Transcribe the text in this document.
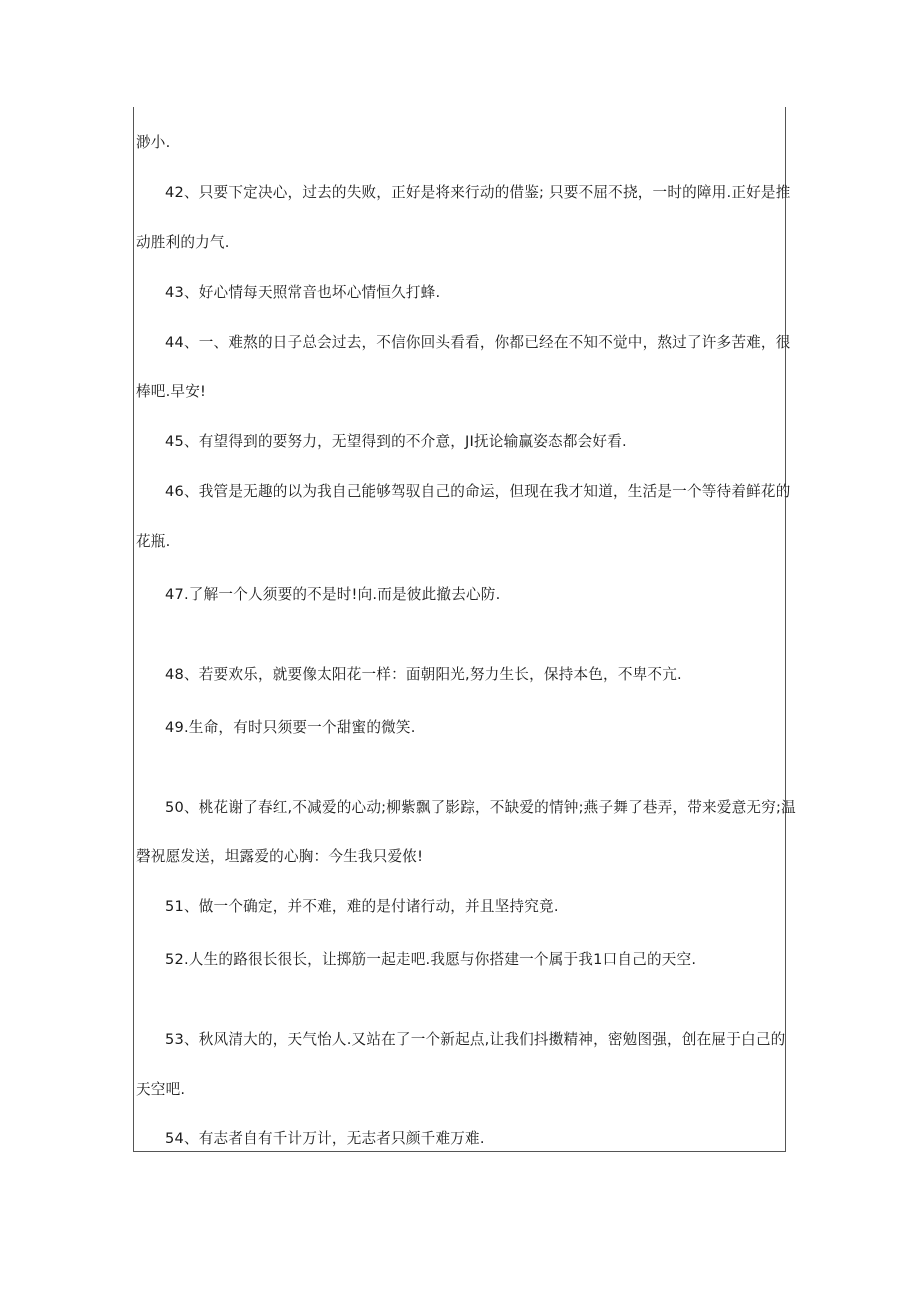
渺小.
42、只要下定决心，过去的失败，正好是将来行动的借鉴; 只要不屈不挠，一时的障用.正好是推
动胜利的力气.
43、好心情每天照常音也坏心情恒久打蜂.
44、一、难熬的日子总会过去，不信你回头看看，你都已经在不知不觉中，熬过了许多苦难，很
棒吧.早安!
45、有望得到的要努力，无望得到的不介意，JI抚论输赢姿态都会好看.
46、我管是无趣的以为我自己能够驾驭自己的命运，但现在我才知道，生活是一个等待着鲜花的
花瓶.
47.了解一个人须要的不是时!向.而是彼此撤去心防.
48、若要欢乐，就要像太阳花一样：面朝阳光,努力生长，保持本色，不卑不亢.
49.生命，有时只须要一个甜蜜的微笑.
50、桃花谢了春红,不减爱的心动;柳紫飘了影踪，不缺爱的情钟;燕子舞了巷弄，带来爱意无穷;温
磬祝愿发送，坦露爱的心胸：今生我只爱侬!
51、做一个确定，并不难，难的是付诸行动，并且坚持究竟.
52.人生的路很长很长，让掷筋一起走吧.我愿与你搭建一个属于我1口自己的天空.
53、秋风清大的，天气怡人.又站在了一个新起点,让我们抖擞精神，密勉图强，创在屉于白己的
天空吧.
54、有志者自有千计万计，无志者只颜千难万难.
